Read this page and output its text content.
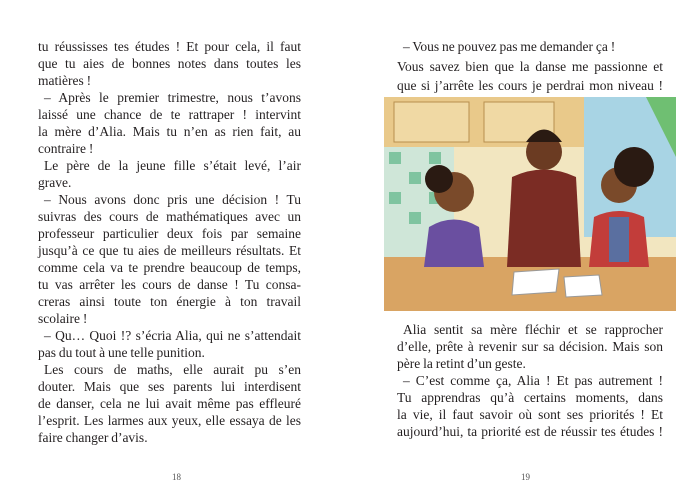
tu réussisses tes études ! Et pour cela, il faut
que tu aies de bonnes notes dans toutes les
matières !
– Après le premier trimestre, nous t’avons
laissé une chance de te rattraper ! intervint
la mère d’Alia. Mais tu n’en as rien fait, au
contraire !
Le père de la jeune fille s’était levé, l’air
grave.
– Nous avons donc pris une décision ! Tu
suivras des cours de mathématiques avec un
professeur particulier deux fois par semaine
jusqu’à ce que tu aies de meilleurs résultats. Et
comme cela va te prendre beaucoup de temps,
tu vas arrêter les cours de danse ! Tu consa-
creras ainsi toute ton énergie à ton travail
scolaire !
– Qu… Quoi !? s’écria Alia, qui ne s’attendait
pas du tout à une telle punition.
Les cours de maths, elle aurait pu s’en
douter. Mais que ses parents lui interdisent
de danser, cela ne lui avait même pas effleuré
l’esprit. Les larmes aux yeux, elle essaya de les
faire changer d’avis.
18
– Vous ne pouvez pas me demander ça !
Vous savez bien que la danse me passionne et
que si j’arrête les cours je perdrai mon niveau !
Alia sentit sa mère fléchir et se rapprocher
d’elle, prête à revenir sur sa décision. Mais son
père la retint d’un geste.
– C’est comme ça, Alia ! Et pas autrement !
Tu apprendras qu’à certains moments, dans
la vie, il faut savoir où sont ses priorités ! Et
aujourd’hui, ta priorité est de réussir tes études !
19
